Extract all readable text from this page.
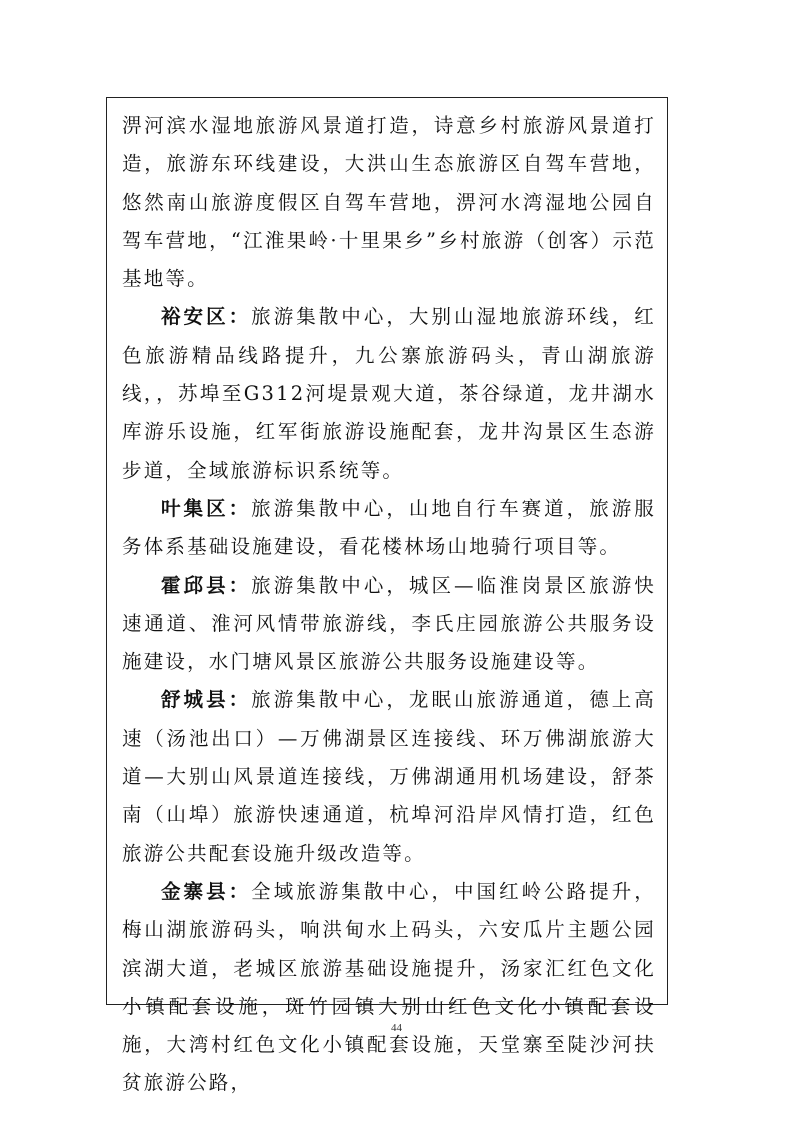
淠河滨水湿地旅游风景道打造，诗意乡村旅游风景道打造，旅游东环线建设，大洪山生态旅游区自驾车营地，悠然南山旅游度假区自驾车营地，淠河水湾湿地公园自驾车营地，“江淮果岭·十里果乡”乡村旅游（创客）示范基地等。

裕安区：旅游集散中心，大别山湿地旅游环线，红色旅游精品线路提升，九公寨旅游码头，青山湖旅游线，，苏埠至G312河堤景观大道，茶谷绿道，龙井湖水库游乐设施，红军街旅游设施配套，龙井沟景区生态游步道，全域旅游标识系统等。

叶集区：旅游集散中心，山地自行车赛道，旅游服务体系基础设施建设，看花楼林场山地骑行项目等。

霍邱县：旅游集散中心，城区—临淮岗景区旅游快速通道、淮河风情带旅游线，李氏庄园旅游公共服务设施建设，水门塘风景区旅游公共服务设施建设等。

舒城县：旅游集散中心，龙眠山旅游通道，德上高速（汤池出口）—万佛湖景区连接线、环万佛湖旅游大道—大别山风景道连接线，万佛湖通用机场建设，舒茶南（山埠）旅游快速通道，杭埠河沿岸风情打造，红色旅游公共配套设施升级改造等。

金寨县：全域旅游集散中心，中国红岭公路提升，梅山湖旅游码头，响洪甸水上码头，六安瓜片主题公园滨湖大道，老城区旅游基础设施提升，汤家汇红色文化小镇配套设施，斑竹园镇大别山红色文化小镇配套设施，大湾村红色文化小镇配套设施，天堂寨至陡沙河扶贫旅游公路，

44
